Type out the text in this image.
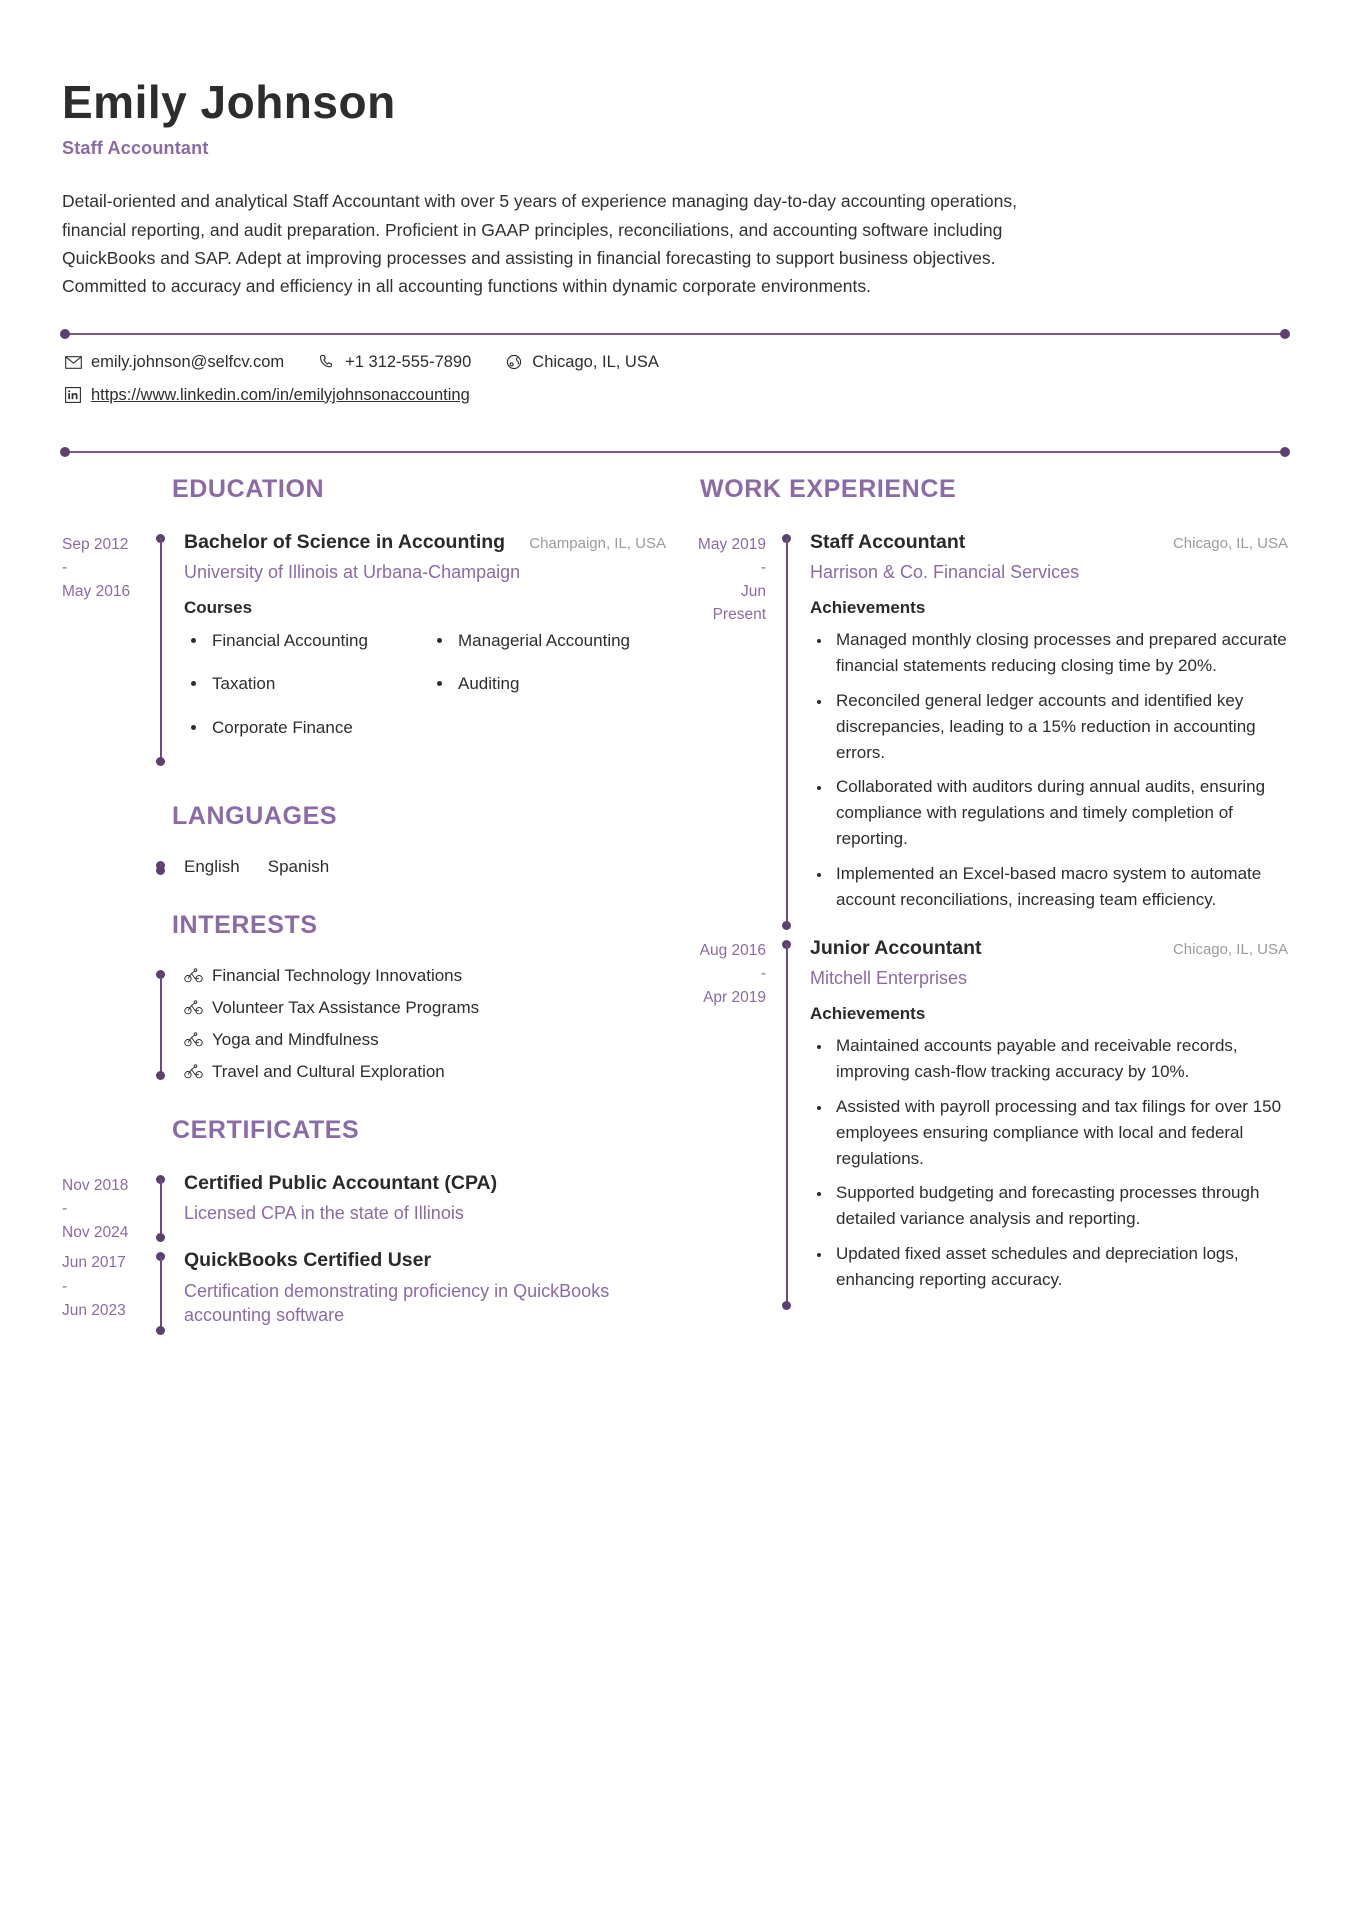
Emily Johnson
Staff Accountant
Detail-oriented and analytical Staff Accountant with over 5 years of experience managing day-to-day accounting operations, financial reporting, and audit preparation. Proficient in GAAP principles, reconciliations, and accounting software including QuickBooks and SAP. Adept at improving processes and assisting in financial forecasting to support business objectives. Committed to accuracy and efficiency in all accounting functions within dynamic corporate environments.
emily.johnson@selfcv.com	+1 312-555-7890	Chicago, IL, USA
https://www.linkedin.com/in/emilyjohnsonaccounting
EDUCATION
Sep 2012
-
May 2016
Bachelor of Science in Accounting Champaign, IL, USA
University of Illinois at Urbana-Champaign
Courses
• Financial Accounting
• Taxation
• Corporate Finance
• Managerial Accounting
• Auditing
LANGUAGES
English Spanish
INTERESTS
Financial Technology Innovations
Volunteer Tax Assistance Programs
Yoga and Mindfulness
Travel and Cultural Exploration
CERTIFICATES
Nov 2018
-
Nov 2024
Certified Public Accountant (CPA)
Licensed CPA in the state of Illinois
Jun 2017
-
Jun 2023
QuickBooks Certified User
Certification demonstrating proficiency in QuickBooks accounting software
WORK EXPERIENCE
May 2019
-
Jun
Present
Staff Accountant	Chicago, IL, USA
Harrison & Co. Financial Services
Achievements
• Managed monthly closing processes and prepared accurate financial statements reducing closing time by 20%.
• Reconciled general ledger accounts and identified key discrepancies, leading to a 15% reduction in accounting errors.
• Collaborated with auditors during annual audits, ensuring compliance with regulations and timely completion of reporting.
• Implemented an Excel-based macro system to automate account reconciliations, increasing team efficiency.
Aug 2016
-
Apr 2019
Junior Accountant	Chicago, IL, USA
Mitchell Enterprises
Achievements
• Maintained accounts payable and receivable records, improving cash-flow tracking accuracy by 10%.
• Assisted with payroll processing and tax filings for over 150 employees ensuring compliance with local and federal regulations.
• Supported budgeting and forecasting processes through detailed variance analysis and reporting.
• Updated fixed asset schedules and depreciation logs, enhancing reporting accuracy.
